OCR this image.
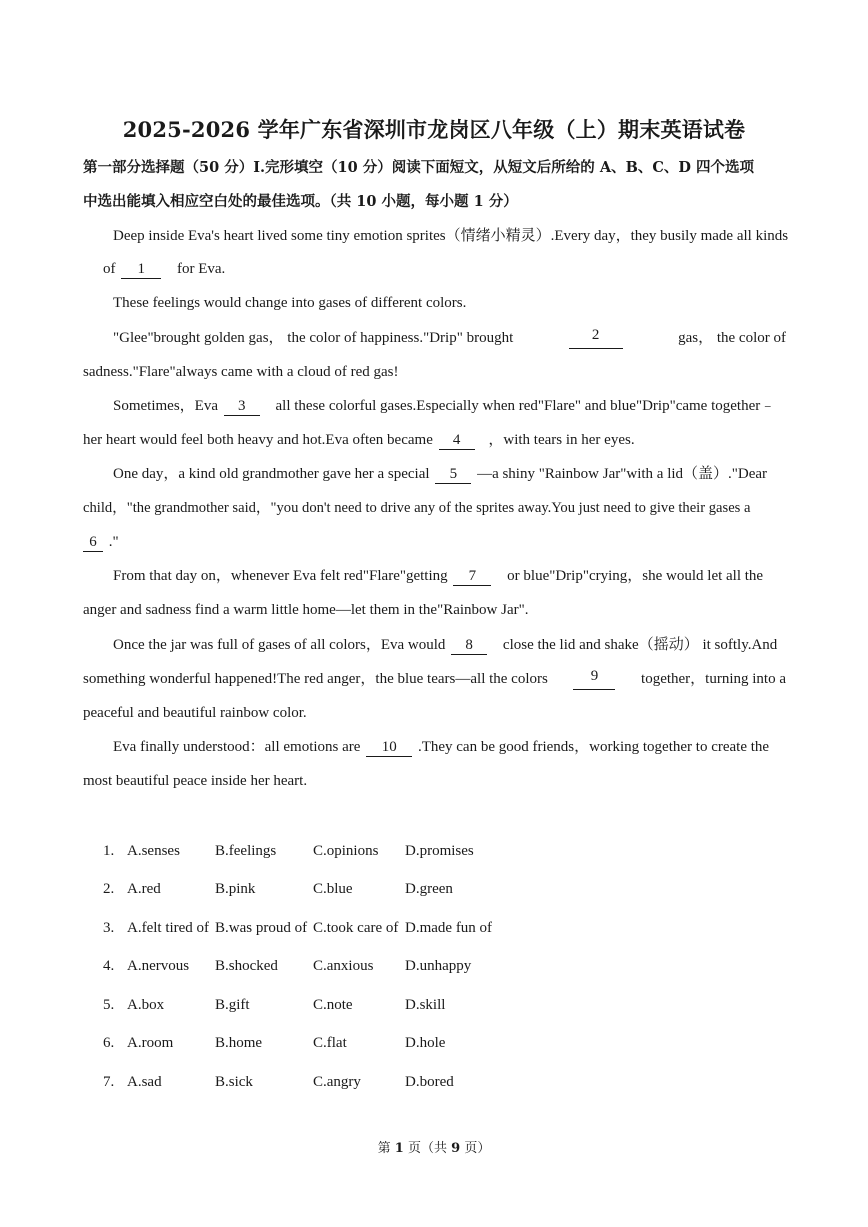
2025-2026 学年广东省深圳市龙岗区八年级（上）期末英语试卷
第一部分选择题（50 分）Ⅰ.完形填空（10 分）阅读下面短文，从短文后所给的 A、B、C、D 四个选项
中选出能填入相应空白处的最佳选项。（共 10 小题，每小题 1 分）
Deep inside Eva's heart lived some tiny emotion sprites（情绪小精灵）.Every day，they busily made all kinds
of 1 for Eva.
These feelings would change into gases of different colors.
"Glee"brought golden gas， the color of happiness."Drip" brought	2	gas， the color of
sadness."Flare"always came with a cloud of red gas!
Sometimes，Eva 3 all these colorful gases.Especially when red"Flare" and blue"Drip"came together﹣
her heart would feel both heavy and hot.Eva often became 4 ，with tears in her eyes.
One day，a kind old grandmother gave her a special 5 —a shiny "Rainbow Jar"with a lid（盖）."Dear
child，"the grandmother said，"you don't need to drive any of the sprites away.You just need to give their gases a
6 ."
From that day on，whenever Eva felt red"Flare"getting 7 or blue"Drip"crying，she would let all the
anger and sadness find a warm little home—let them in the"Rainbow Jar".
Once the jar was full of gases of all colors，Eva would 8 close the lid and shake（摇动） it softly.And
something wonderful happened!The red anger，the blue tears—all the colors	9	together，turning into a
peaceful and beautiful rainbow color.
Eva finally understood：all emotions are 10 .They can be good friends，working together to create the
most beautiful peace inside her heart.
1. A.senses B.feelings C.opinions D.promises
2. A.red	B.pink	C.blue	D.green
3. A.felt tired of B.was proud of C.took care of D.made fun of
4. A.nervous B.shocked C.anxious D.unhappy
5. A.box	B.gift	C.note	D.skill
6. A.room	B.home	C.flat	D.hole
7. A.sad	B.sick	C.angry	D.bored
第 1 页（共 9 页）
